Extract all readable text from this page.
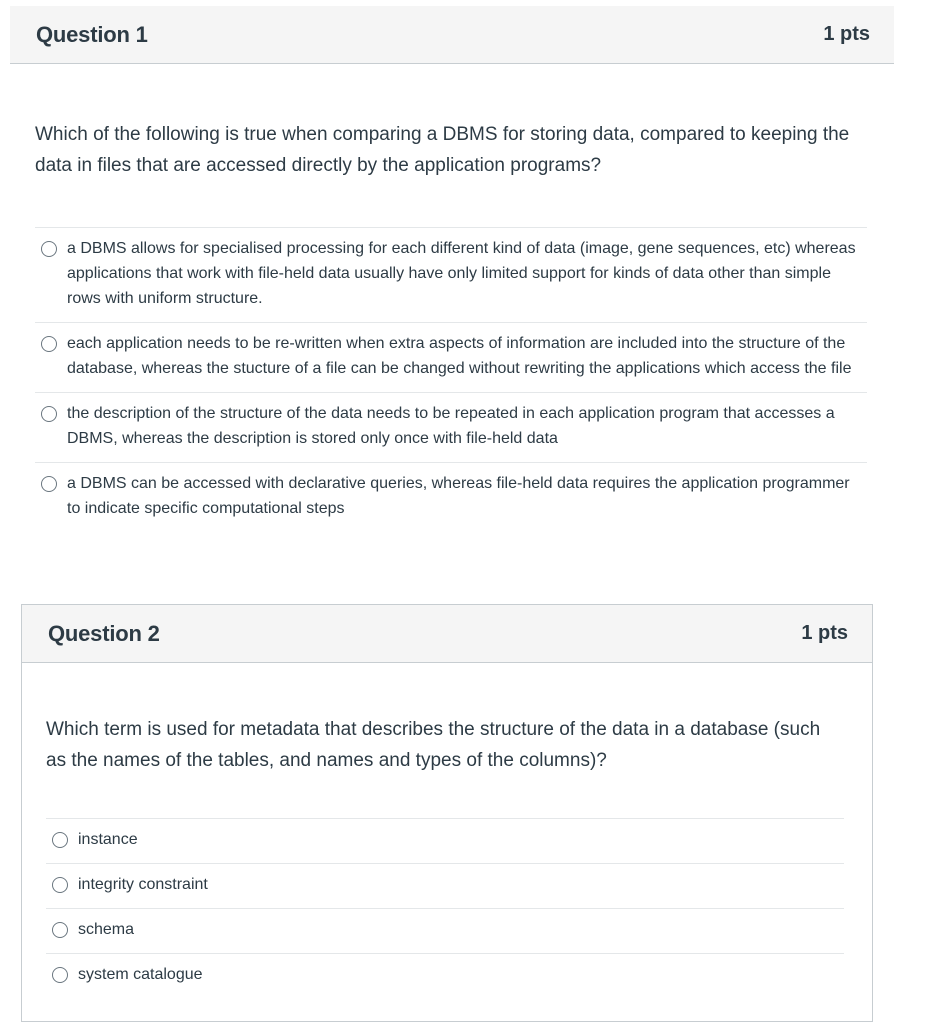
Question 1	1 pts
Which of the following is true when comparing a DBMS for storing data, compared to keeping the data in files that are accessed directly by the application programs?
a DBMS allows for specialised processing for each different kind of data (image, gene sequences, etc) whereas applications that work with file-held data usually have only limited support for kinds of data other than simple rows with uniform structure.
each application needs to be re-written when extra aspects of information are included into the structure of the database, whereas the stucture of a file can be changed without rewriting the applications which access the file
the description of the structure of the data needs to be repeated in each application program that accesses a DBMS, whereas the description is stored only once with file-held data
a DBMS can be accessed with declarative queries, whereas file-held data requires the application programmer to indicate specific computational steps
Question 2	1 pts
Which term is used for metadata that describes the structure of the data in a database (such as the names of the tables, and names and types of the columns)?
instance
integrity constraint
schema
system catalogue
